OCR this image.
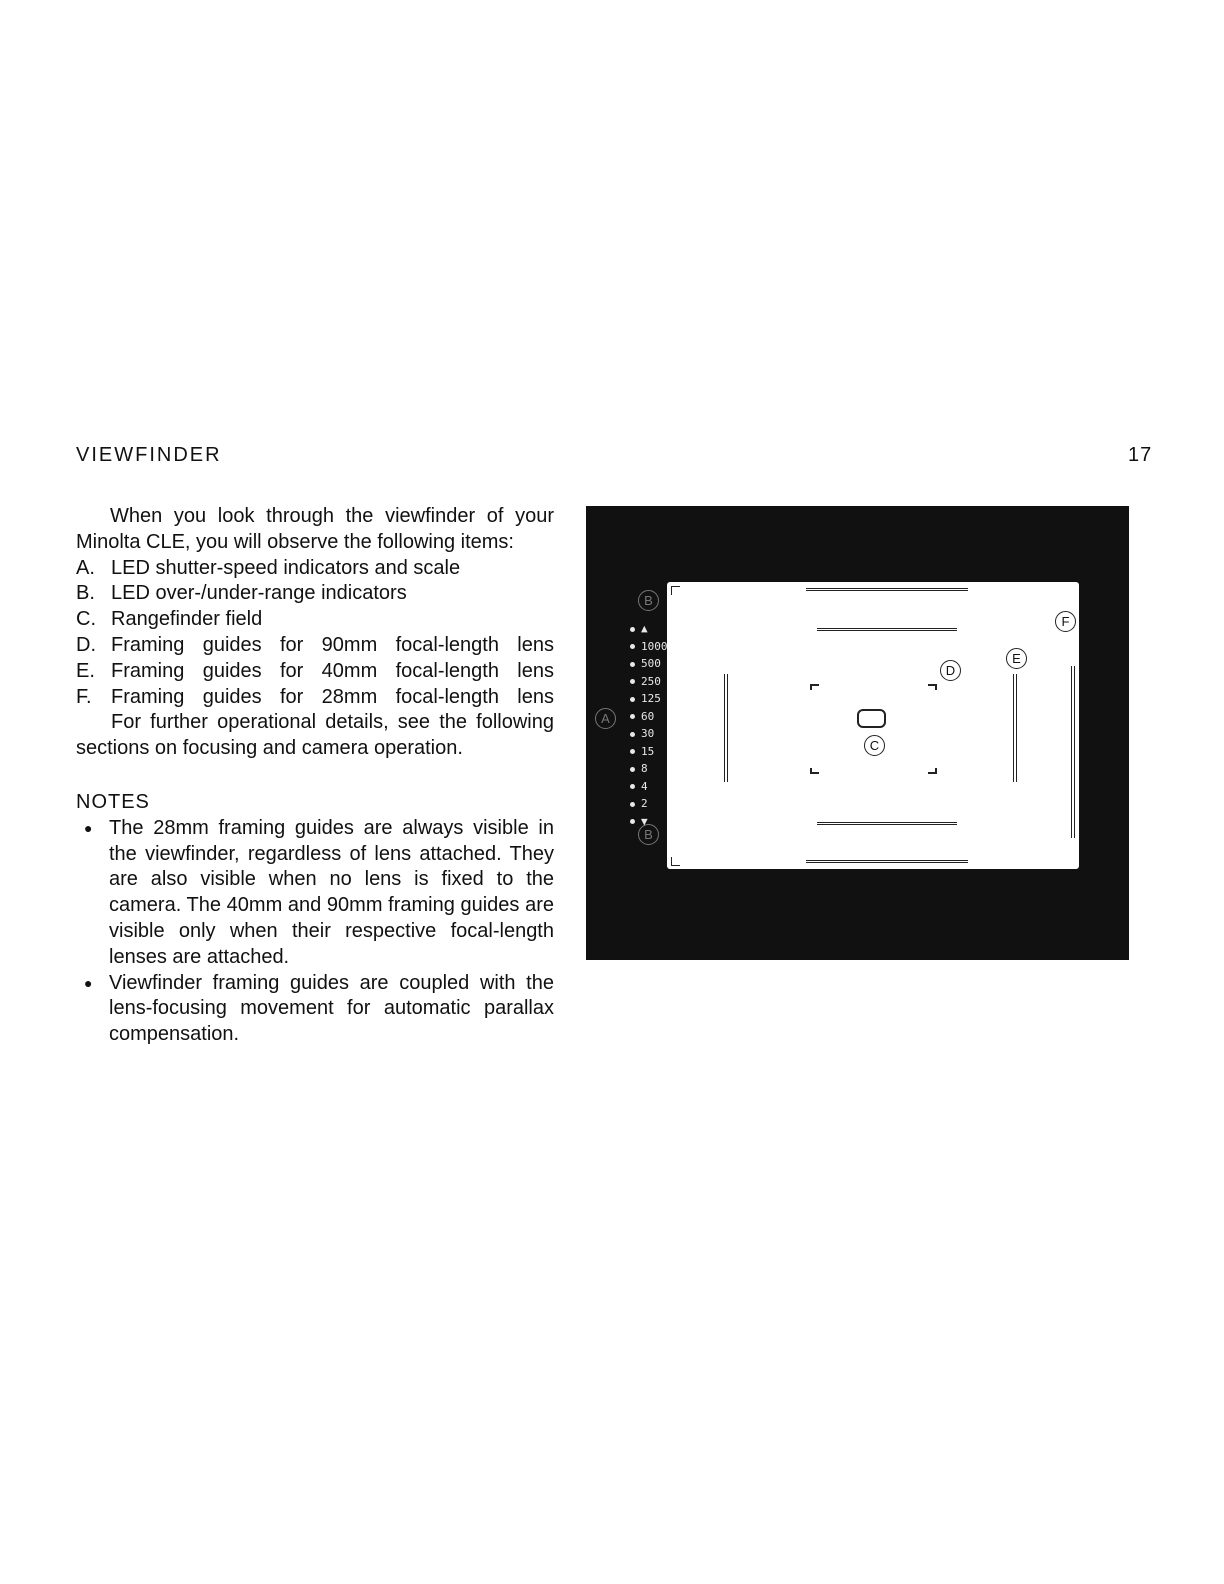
VIEWFINDER	17

When you look through the viewfinder of your Minolta CLE, you will observe the following items:

A. LED shutter-speed indicators and scale
B. LED over-/under-range indicators
C. Rangefinder field
D. Framing guides for 90mm focal-length lens
E. Framing guides for 40mm focal-length lens
F. Framing guides for 28mm focal-length lens

For further operational details, see the following sections on focusing and camera operation.

NOTES

● The 28mm framing guides are always visible in the viewfinder, regardless of lens attached. They are also visible when no lens is fixed to the camera. The 40mm and 90mm framing guides are visible only when their respective focal-length lenses are attached.
● Viewfinder framing guides are coupled with the lens-focusing movement for automatic parallax compensation.
C
D
E
F
B
A
B
▲
1000
500
250
125
60
30
15
8
4
2
▼
